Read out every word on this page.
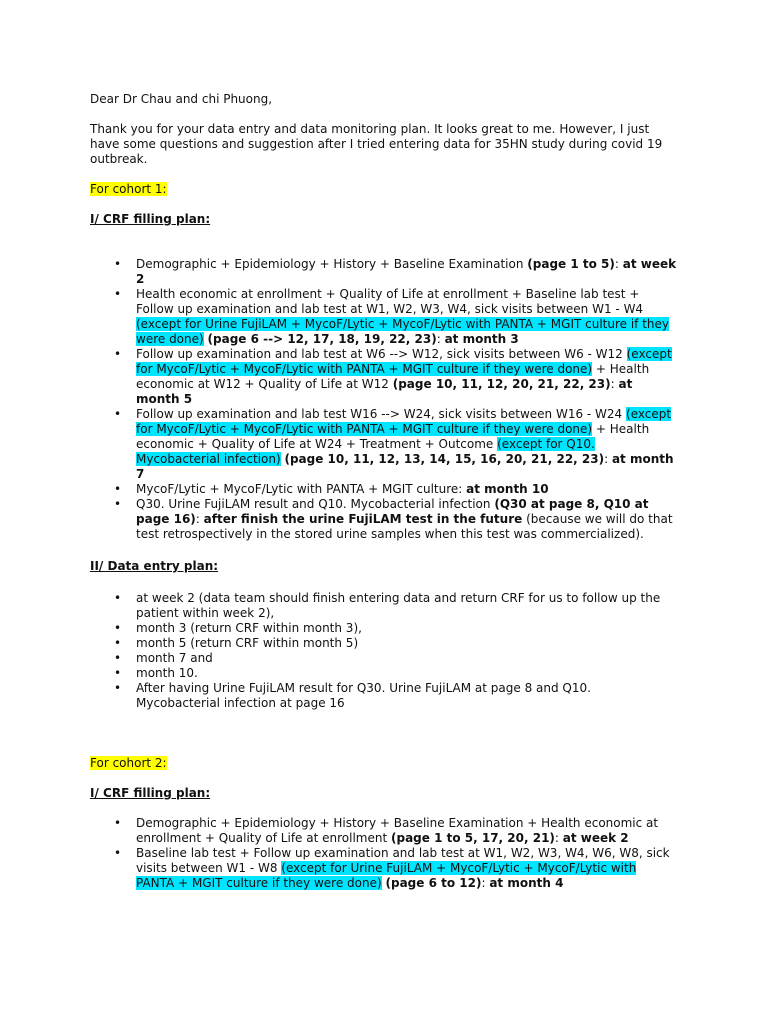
Dear Dr Chau and chi Phuong,

Thank you for your data entry and data monitoring plan. It looks great to me. However, I just have some questions and suggestion after I tried entering data for 35HN study during covid 19 outbreak.

For cohort 1:

I/ CRF filling plan:

• Demographic + Epidemiology + History + Baseline Examination (page 1 to 5): at week 2
• Health economic at enrollment + Quality of Life at enrollment + Baseline lab test + Follow up examination and lab test at W1, W2, W3, W4, sick visits between W1 - W4 (except for Urine FujiLAM + MycoF/Lytic + MycoF/Lytic with PANTA + MGIT culture if they were done) (page 6 --> 12, 17, 18, 19, 22, 23): at month 3
• Follow up examination and lab test at W6 --> W12, sick visits between W6 - W12 (except for MycoF/Lytic + MycoF/Lytic with PANTA + MGIT culture if they were done) + Health economic at W12 + Quality of Life at W12 (page 10, 11, 12, 20, 21, 22, 23): at month 5
• Follow up examination and lab test W16 --> W24, sick visits between W16 - W24 (except for MycoF/Lytic + MycoF/Lytic with PANTA + MGIT culture if they were done) + Health economic + Quality of Life at W24 + Treatment + Outcome (except for Q10. Mycobacterial infection) (page 10, 11, 12, 13, 14, 15, 16, 20, 21, 22, 23): at month 7
• MycoF/Lytic + MycoF/Lytic with PANTA + MGIT culture: at month 10
• Q30. Urine FujiLAM result and Q10. Mycobacterial infection (Q30 at page 8, Q10 at page 16): after finish the urine FujiLAM test in the future (because we will do that test retrospectively in the stored urine samples when this test was commercialized).

II/ Data entry plan:

• at week 2 (data team should finish entering data and return CRF for us to follow up the patient within week 2),
• month 3 (return CRF within month 3),
• month 5 (return CRF within month 5)
• month 7 and
• month 10.
• After having Urine FujiLAM result for Q30. Urine FujiLAM at page 8 and Q10. Mycobacterial infection at page 16

For cohort 2:

I/ CRF filling plan:

• Demographic + Epidemiology + History + Baseline Examination + Health economic at enrollment + Quality of Life at enrollment (page 1 to 5, 17, 20, 21): at week 2
• Baseline lab test + Follow up examination and lab test at W1, W2, W3, W4, W6, W8, sick visits between W1 - W8 (except for Urine FujiLAM + MycoF/Lytic + MycoF/Lytic with PANTA + MGIT culture if they were done) (page 6 to 12): at month 4
